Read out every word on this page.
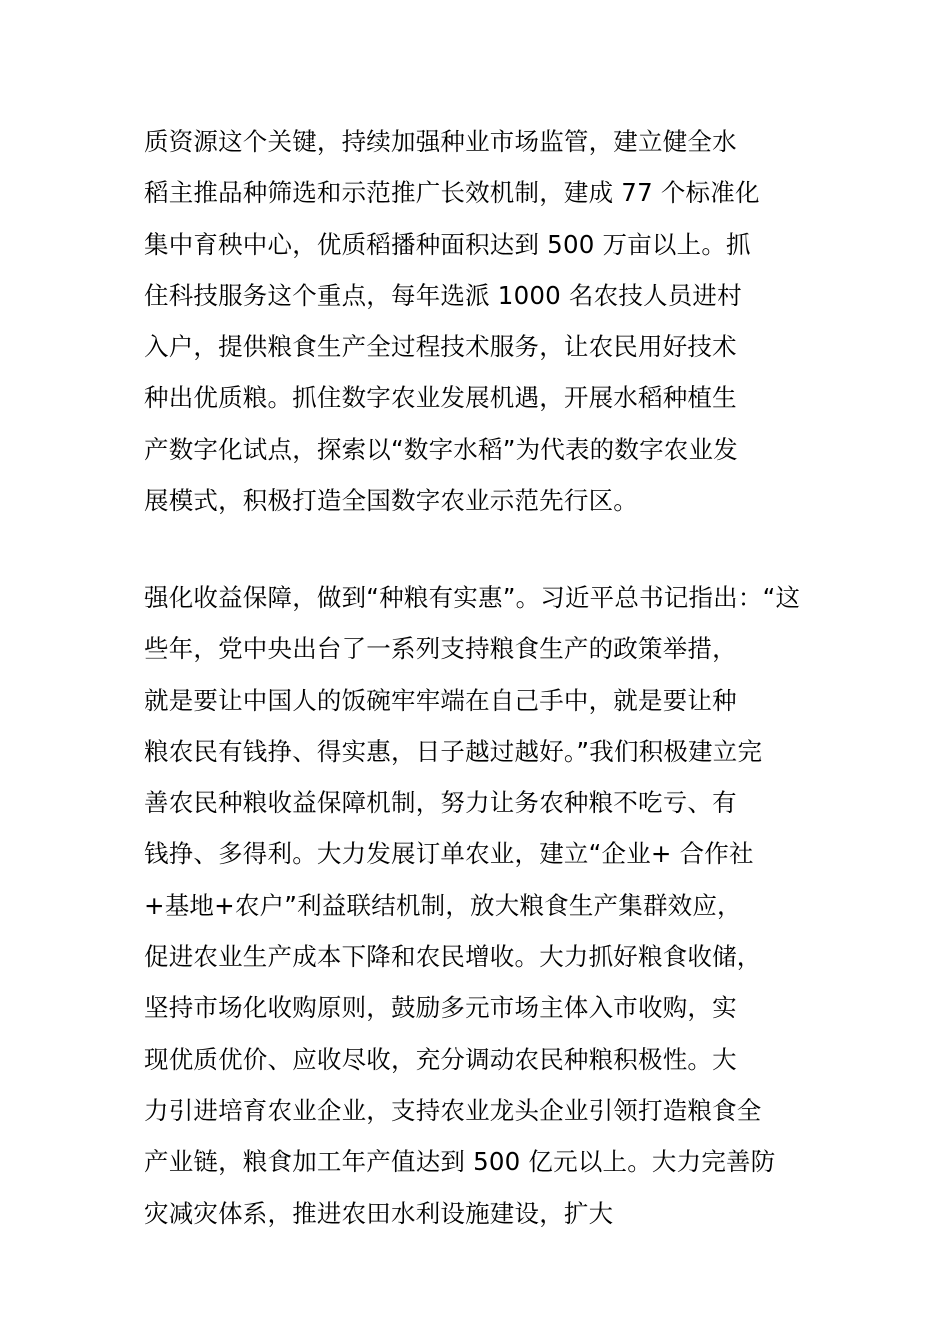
质资源这个关键，持续加强种业市场监管，建立健全水
稻主推品种筛选和示范推广长效机制，建成 77 个标准化
集中育秧中心，优质稻播种面积达到 500 万亩以上。抓
住科技服务这个重点，每年选派 1000 名农技人员进村
入户，提供粮食生产全过程技术服务，让农民用好技术
种出优质粮。抓住数字农业发展机遇，开展水稻种植生
产数字化试点，探索以“数字水稻”为代表的数字农业发
展模式，积极打造全国数字农业示范先行区。
强化收益保障，做到“种粮有实惠”。习近平总书记指出：“这
些年，党中央出台了一系列支持粮食生产的政策举措，
就是要让中国人的饭碗牢牢端在自己手中，就是要让种
粮农民有钱挣、得实惠，日子越过越好。”我们积极建立完
善农民种粮收益保障机制，努力让务农种粮不吃亏、有
钱挣、多得利。大力发展订单农业，建立“企业+ 合作社
+基地+农户”利益联结机制，放大粮食生产集群效应，
促进农业生产成本下降和农民增收。大力抓好粮食收储，
坚持市场化收购原则，鼓励多元市场主体入市收购，实
现优质优价、应收尽收，充分调动农民种粮积极性。大
力引进培育农业企业，支持农业龙头企业引领打造粮食全
产业链，粮食加工年产值达到 500 亿元以上。大力完善防
灾减灾体系，推进农田水利设施建设，扩大
